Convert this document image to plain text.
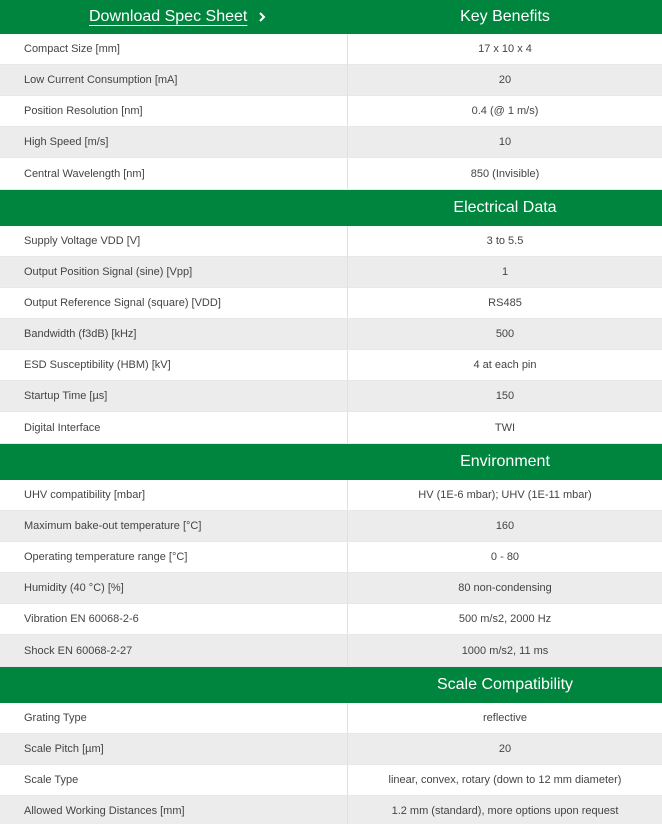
Download Spec Sheet	Key Benefits
Compact Size [mm]	17 x 10 x 4
Low Current Consumption [mA]	20
Position Resolution [nm]	0.4 (@ 1 m/s)
High Speed [m/s]	10
Central Wavelength [nm]	850 (Invisible)
Electrical Data
Supply Voltage VDD [V]	3 to 5.5
Output Position Signal (sine) [Vpp]	1
Output Reference Signal (square) [VDD]	RS485
Bandwidth (f3dB) [kHz]	500
ESD Susceptibility (HBM) [kV]	4 at each pin
Startup Time [µs]	150
Digital Interface	TWI
Environment
UHV compatibility [mbar]	HV (1E-6 mbar); UHV (1E-11 mbar)
Maximum bake-out temperature [°C]	160
Operating temperature range [°C]	0 - 80
Humidity (40 °C) [%]	80 non-condensing
Vibration EN 60068-2-6	500 m/s2, 2000 Hz
Shock EN 60068-2-27	1000 m/s2, 11 ms
Scale Compatibility
Grating Type	reflective
Scale Pitch [µm]	20
Scale Type	linear, convex, rotary (down to 12 mm diameter)
Allowed Working Distances [mm]	1.2 mm (standard), more options upon request
